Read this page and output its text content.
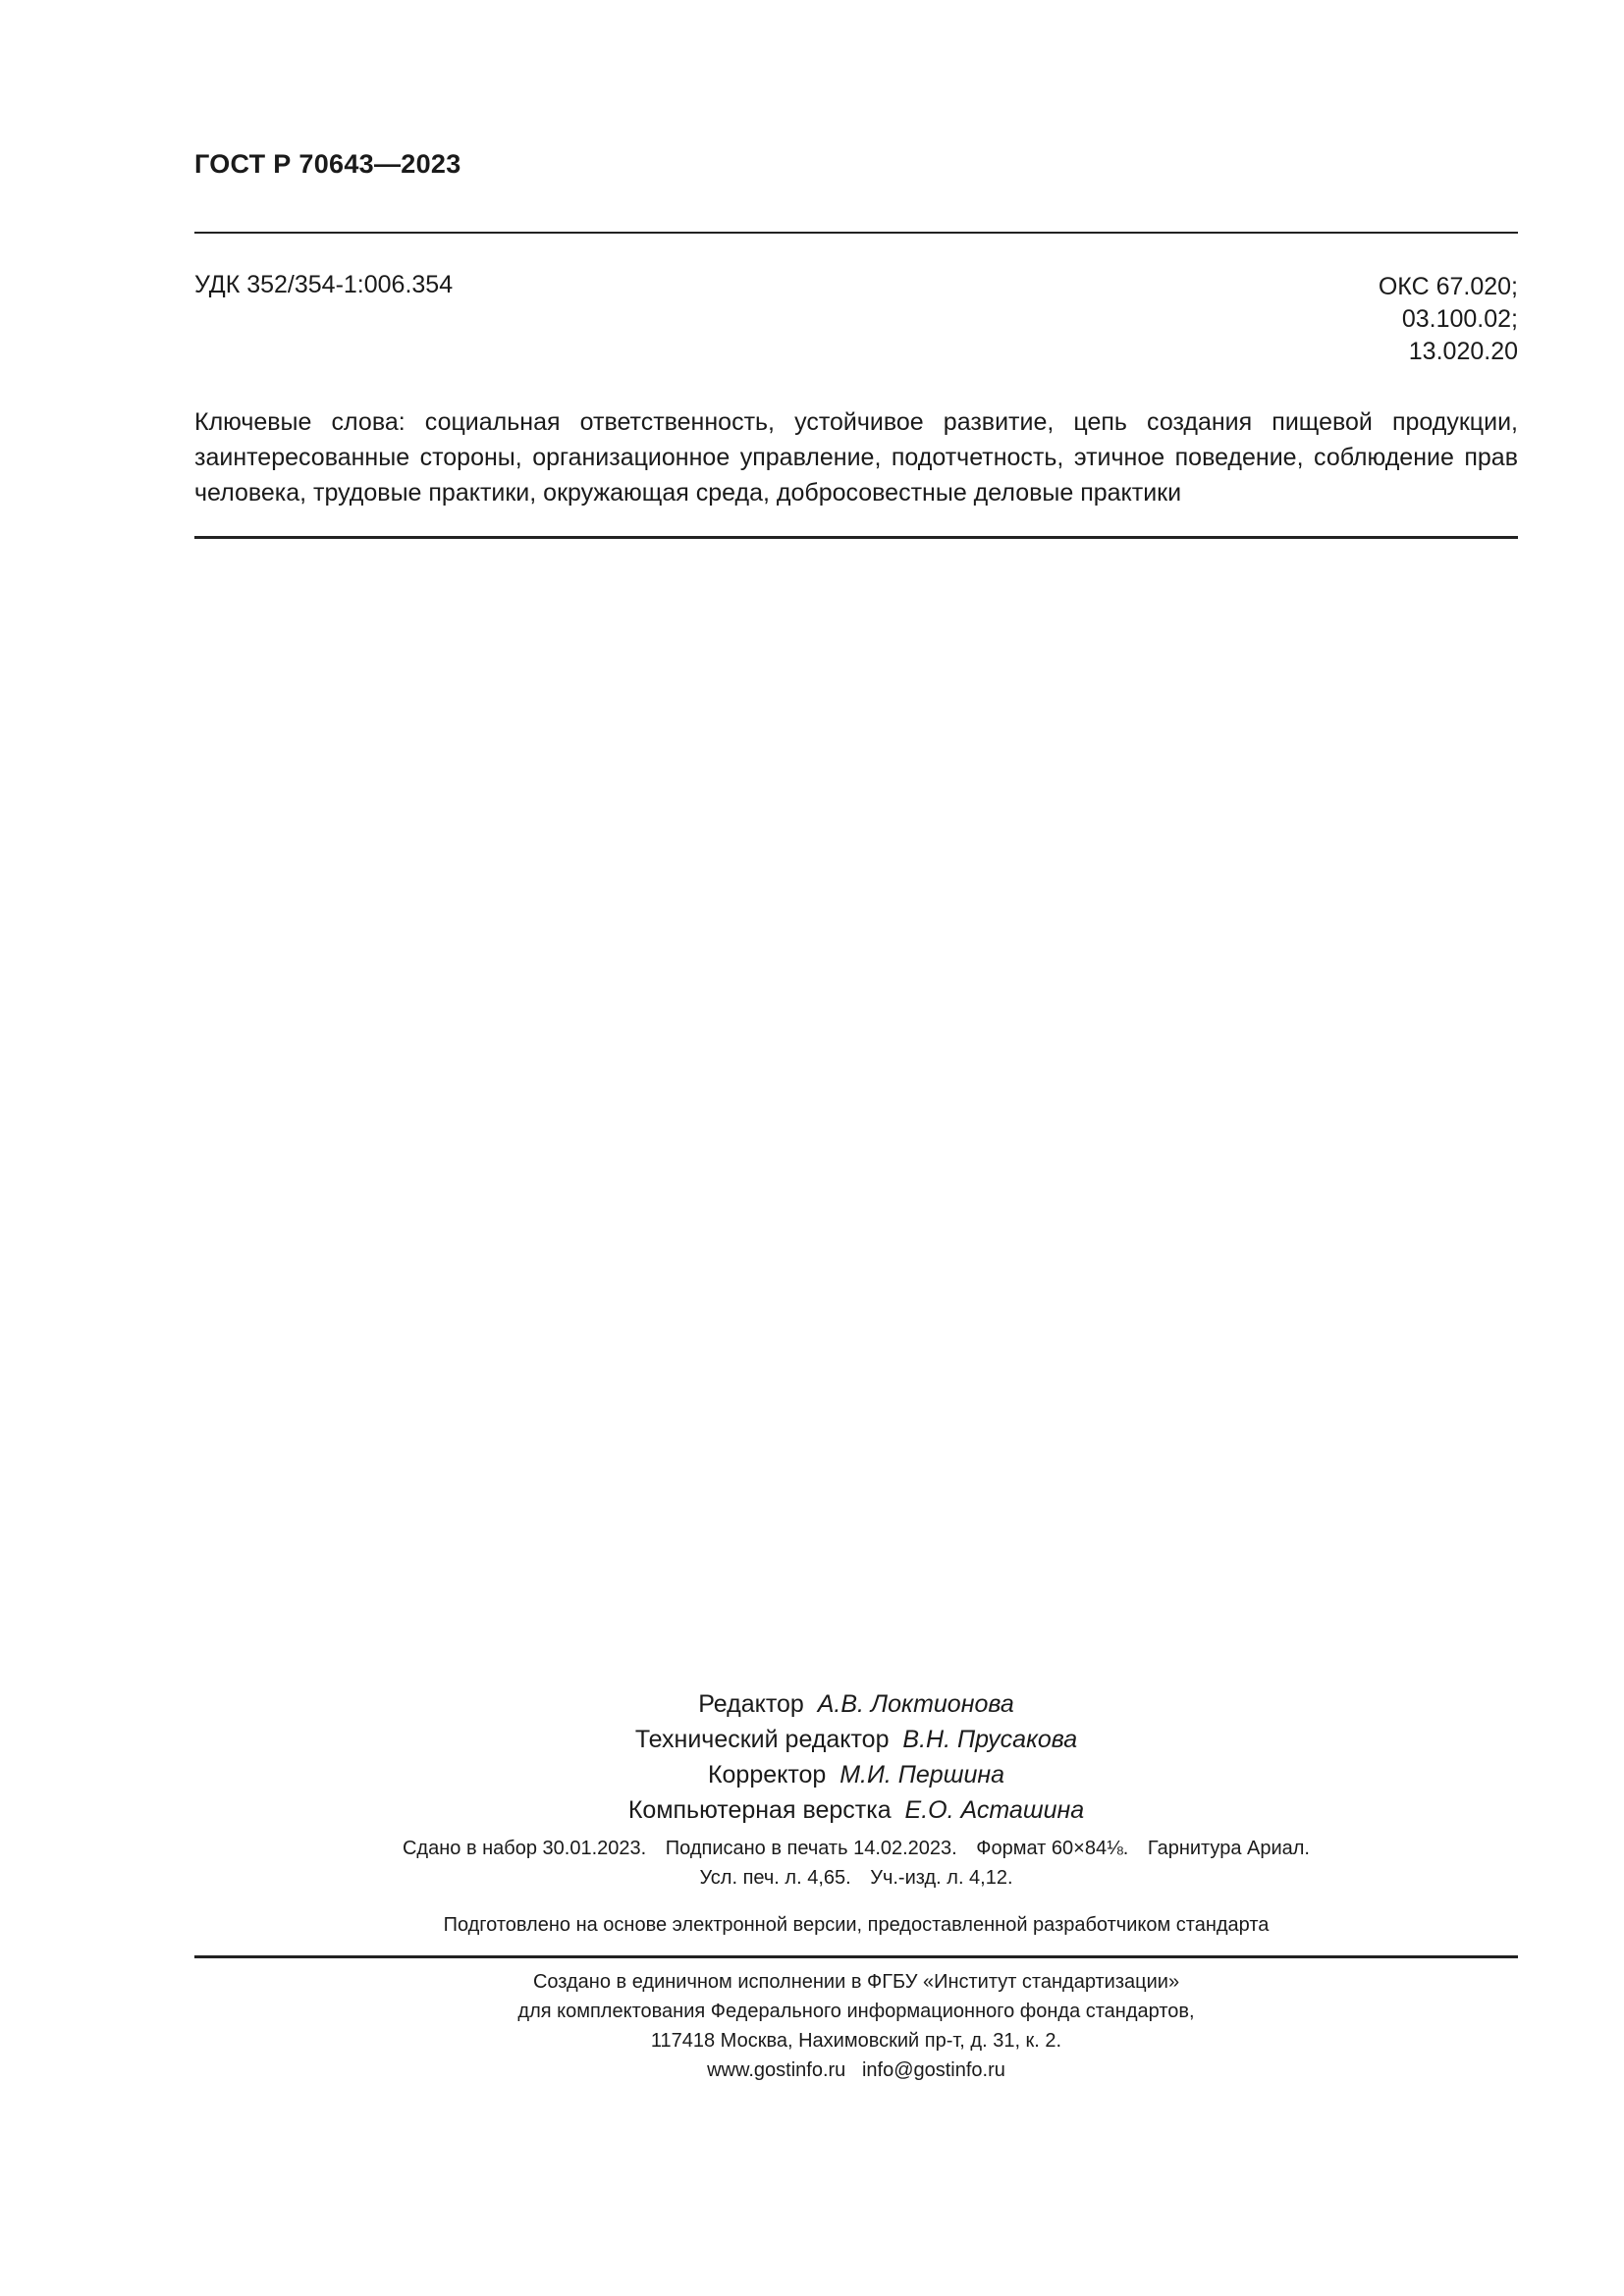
ГОСТ Р 70643—2023
УДК 352/354-1:006.354	ОКС 67.020;
03.100.02;
13.020.20
Ключевые слова: социальная ответственность, устойчивое развитие, цепь создания пищевой продукции, заинтересованные стороны, организационное управление, подотчетность, этичное поведение, соблюдение прав человека, трудовые практики, окружающая среда, добросовестные деловые практики
Редактор А.В. Локтионова
Технический редактор В.Н. Прусакова
Корректор М.И. Першина
Компьютерная верстка Е.О. Асташина
Сдано в набор 30.01.2023. Подписано в печать 14.02.2023. Формат 60×84⅛. Гарнитура Ариал.
Усл. печ. л. 4,65. Уч.-изд. л. 4,12.
Подготовлено на основе электронной версии, предоставленной разработчиком стандарта
Создано в единичном исполнении в ФГБУ «Институт стандартизации»
для комплектования Федерального информационного фонда стандартов,
117418 Москва, Нахимовский пр-т, д. 31, к. 2.
www.gostinfo.ru info@gostinfo.ru
